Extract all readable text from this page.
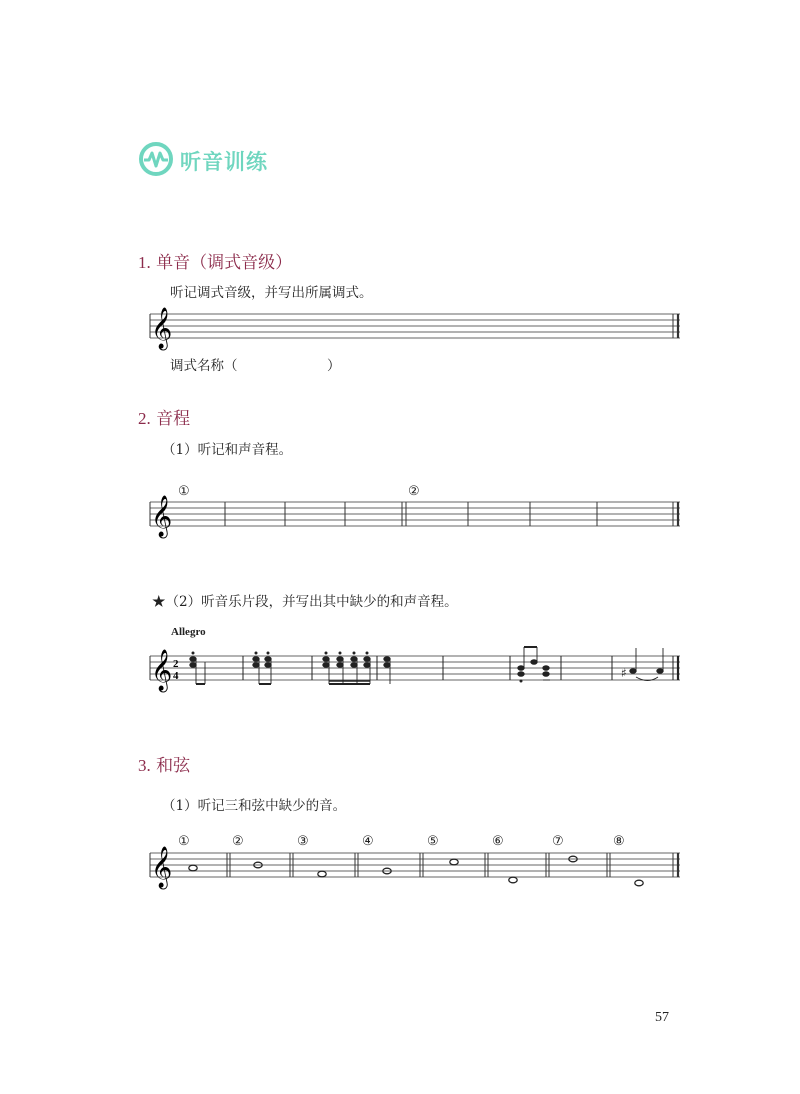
听音训练
1. 单音（调式音级）
听记调式音级，并写出所属调式。
𝄞
调式名称（	）
2. 音程
（1）听记和声音程。
①	②
𝄞
★（2）听音乐片段，并写出其中缺少的和声音程。
Allegro
𝄞 2
4	♯
3. 和弦
（1）听记三和弦中缺少的音。
①	②	③	④	⑤	⑥	⑦	⑧
𝄞
57
